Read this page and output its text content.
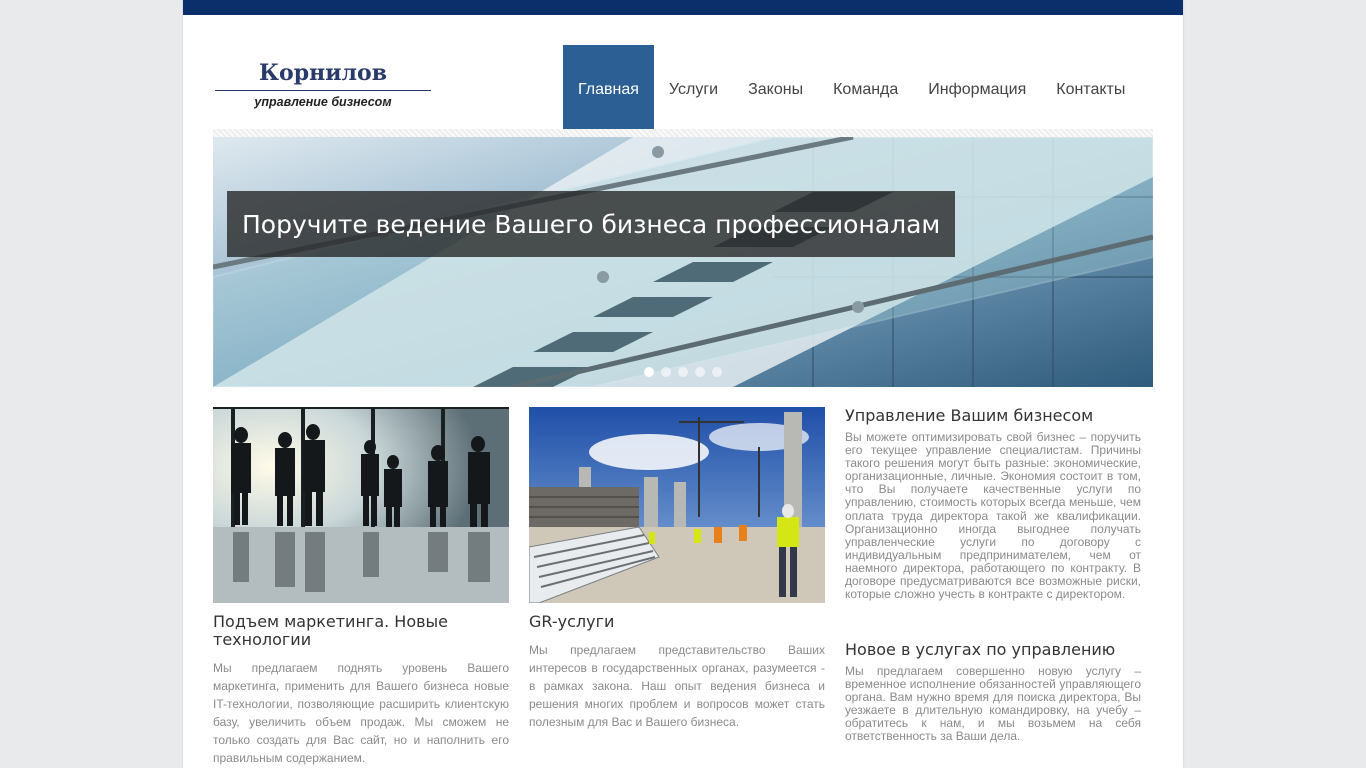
Корнилов
управление бизнесом
Главная	Услуги	Законы	Команда	Информация	Контакты
Поручите ведение Вашего бизнеса профессионалам
Подъем маркетинга. Новые технологии
Мы предлагаем поднять уровень Вашего маркетинга, применить для Вашего бизнеса новые IT-технологии, позволяющие расширить клиентскую базу, увеличить объем продаж. Мы сможем не только создать для Вас сайт, но и наполнить его правильным содержанием.
GR-услуги
Мы предлагаем представительство Ваших интересов в государственных органах, разумеется - в рамках закона. Наш опыт ведения бизнеса и решения многих проблем и вопросов может стать полезным для Вас и Вашего бизнеса.
Управление Вашим бизнесом
Вы можете оптимизировать свой бизнес – поручить его текущее управление специалистам. Причины такого решения могут быть разные: экономические, организационные, личные. Экономия состоит в том, что Вы получаете качественные услуги по управлению, стоимость которых всегда меньше, чем оплата труда директора такой же квалификации. Организационно иногда выгоднее получать управленческие услуги по договору с индивидуальным предпринимателем, чем от наемного директора, работающего по контракту. В договоре предусматриваются все возможные риски, которые сложно учесть в контракте с директором.
Новое в услугах по управлению
Мы предлагаем совершенно новую услугу – временное исполнение обязанностей управляющего органа. Вам нужно время для поиска директора, Вы уезжаете в длительную командировку, на учебу – обратитесь к нам, и мы возьмем на себя ответственность за Ваши дела.
